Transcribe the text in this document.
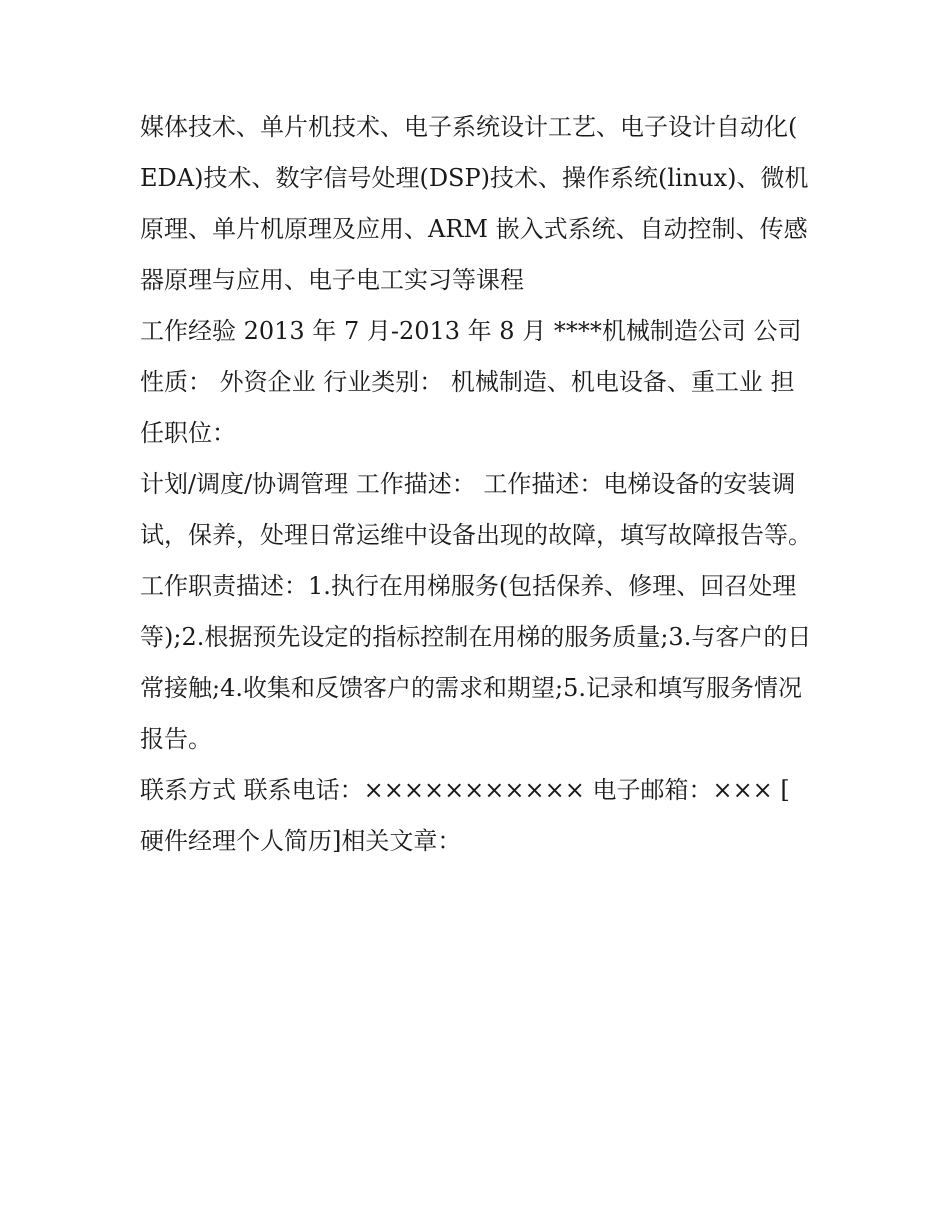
媒体技术、单片机技术、电子系统设计工艺、电子设计自动化(EDA)技术、数字信号处理(DSP)技术、操作系统(linux)、微机原理、单片机原理及应用、ARM 嵌入式系统、自动控制、传感器原理与应用、电子电工实习等课程

工作经验 2013 年 7 月-2013 年 8 月 ****机械制造公司 公司性质： 外资企业 行业类别： 机械制造、机电设备、重工业 担任职位：

计划/调度/协调管理 工作描述： 工作描述：电梯设备的安装调试，保养，处理日常运维中设备出现的故障，填写故障报告等。

工作职责描述：1.执行在用梯服务(包括保养、修理、回召处理等);2.根据预先设定的指标控制在用梯的服务质量;3.与客户的日常接触;4.收集和反馈客户的需求和期望;5.记录和填写服务情况报告。

联系方式 联系电话：××××××××××× 电子邮箱：××× [硬件经理个人简历]相关文章：
